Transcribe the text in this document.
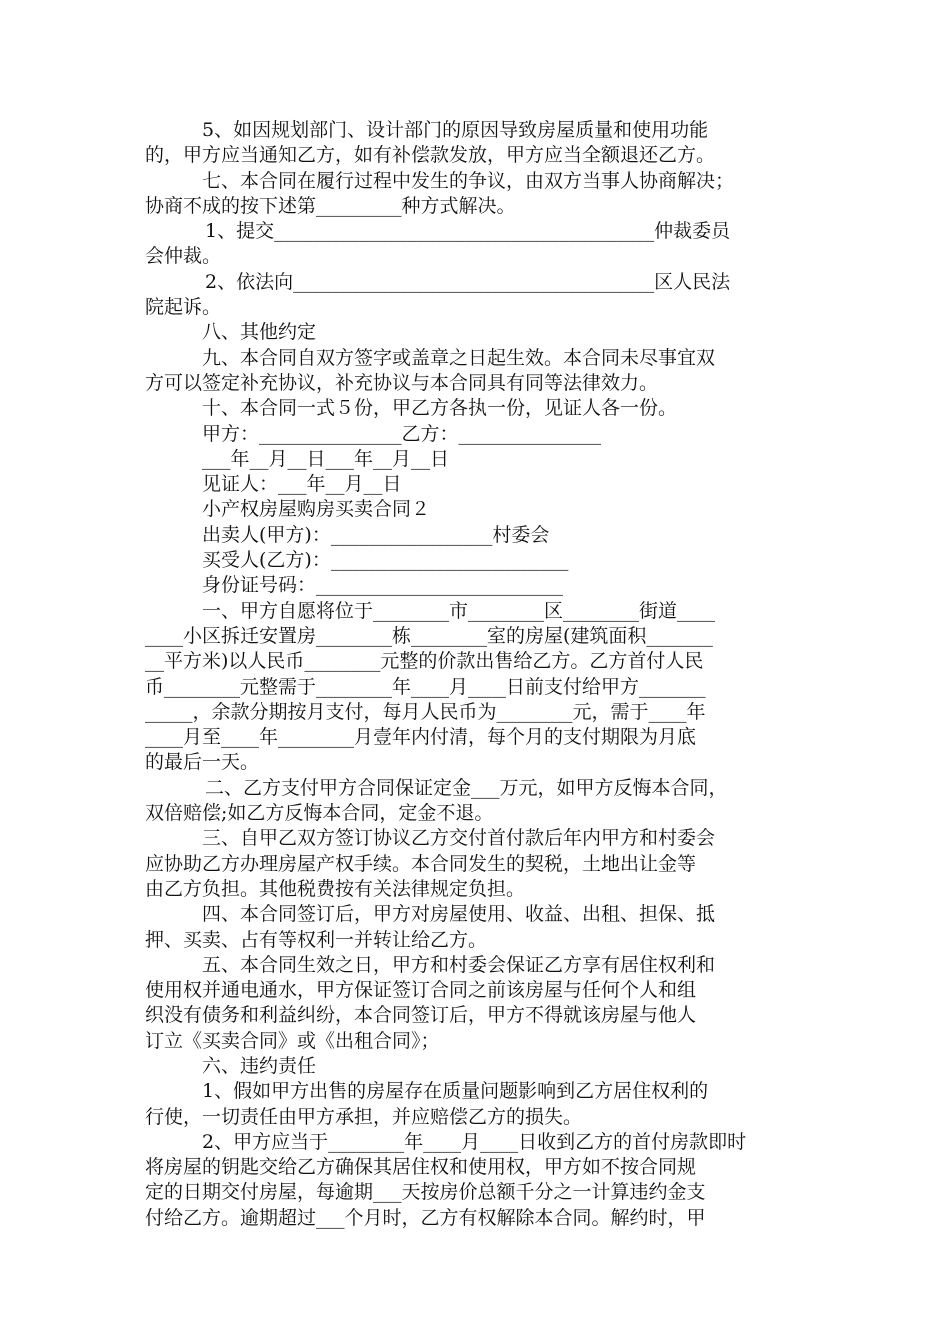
5、如因规划部门、设计部门的原因导致房屋质量和使用功能
的，甲方应当通知乙方，如有补偿款发放，甲方应当全额退还乙方。
七、本合同在履行过程中发生的争议，由双方当事人协商解决；
协商不成的按下述第_________种方式解决。
1、提交________________________________________仲裁委员
会仲裁。
2、依法向______________________________________区人民法
院起诉。
八、其他约定
九、本合同自双方签字或盖章之日起生效。本合同未尽事宜双
方可以签定补充协议，补充协议与本合同具有同等法律效力。
十、本合同一式５份，甲乙方各执一份，见证人各一份。
甲方：_______________乙方：_______________
___年__月__日___年__月__日
见证人：___年__月__日
小产权房屋购房买卖合同２
出卖人(甲方)：_________________村委会
买受人(乙方)：_________________________
身份证号码：__________________________
一、甲方自愿将位于________市________区________街道____
____小区拆迁安置房________栋________室的房屋(建筑面积_______
__平方米)以人民币________元整的价款出售给乙方。乙方首付人民
币________元整需于________年____月____日前支付给甲方_______
_____，余款分期按月支付，每月人民币为________元，需于____年
____月至____年________月壹年内付清，每个月的支付期限为月底
的最后一天。
二、乙方支付甲方合同保证定金___万元，如甲方反悔本合同，
双倍赔偿;如乙方反悔本合同，定金不退。
三、自甲乙双方签订协议乙方交付首付款后年内甲方和村委会
应协助乙方办理房屋产权手续。本合同发生的契税，土地出让金等
由乙方负担。其他税费按有关法律规定负担。
四、本合同签订后，甲方对房屋使用、收益、出租、担保、抵
押、买卖、占有等权利一并转让给乙方。
五、本合同生效之日，甲方和村委会保证乙方享有居住权利和
使用权并通电通水，甲方保证签订合同之前该房屋与任何个人和组
织没有债务和利益纠纷，本合同签订后，甲方不得就该房屋与他人
订立《买卖合同》或《出租合同》；
六、违约责任
1、假如甲方出售的房屋存在质量问题影响到乙方居住权利的
行使，一切责任由甲方承担，并应赔偿乙方的损失。
2、甲方应当于________年____月____日收到乙方的首付房款即时
将房屋的钥匙交给乙方确保其居住权和使用权，甲方如不按合同规
定的日期交付房屋，每逾期___天按房价总额千分之一计算违约金支
付给乙方。逾期超过___个月时，乙方有权解除本合同。解约时，甲
